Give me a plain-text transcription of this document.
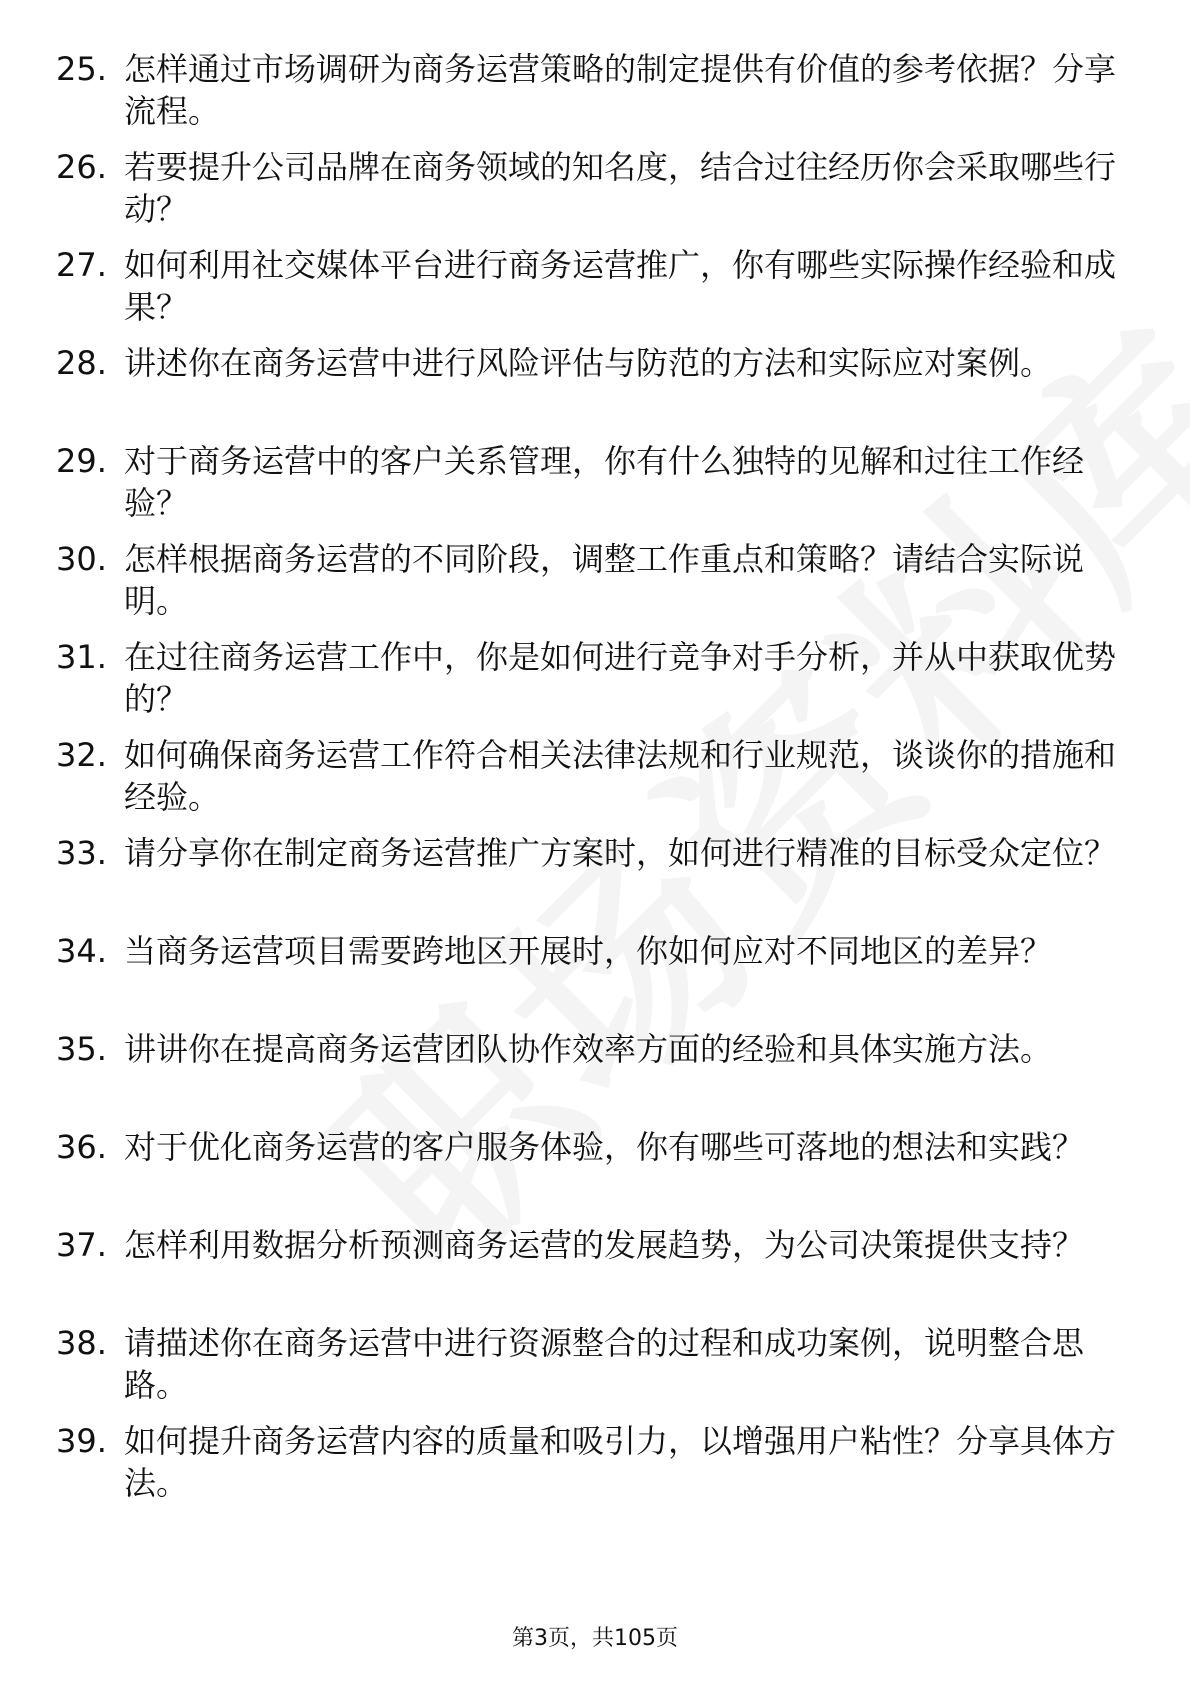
25. 怎样通过市场调研为商务运营策略的制定提供有价值的参考依据？分享流程。
26. 若要提升公司品牌在商务领域的知名度，结合过往经历你会采取哪些行动？
27. 如何利用社交媒体平台进行商务运营推广，你有哪些实际操作经验和成果？
28. 讲述你在商务运营中进行风险评估与防范的方法和实际应对案例。
29. 对于商务运营中的客户关系管理，你有什么独特的见解和过往工作经验？
30. 怎样根据商务运营的不同阶段，调整工作重点和策略？请结合实际说明。
31. 在过往商务运营工作中，你是如何进行竞争对手分析，并从中获取优势的？
32. 如何确保商务运营工作符合相关法律法规和行业规范，谈谈你的措施和经验。
33. 请分享你在制定商务运营推广方案时，如何进行精准的目标受众定位？
34. 当商务运营项目需要跨地区开展时，你如何应对不同地区的差异？
35. 讲讲你在提高商务运营团队协作效率方面的经验和具体实施方法。
36. 对于优化商务运营的客户服务体验，你有哪些可落地的想法和实践？
37. 怎样利用数据分析预测商务运营的发展趋势，为公司决策提供支持？
38. 请描述你在商务运营中进行资源整合的过程和成功案例，说明整合思路。
39. 如何提升商务运营内容的质量和吸引力，以增强用户粘性？分享具体方法。
第3页，共105页
